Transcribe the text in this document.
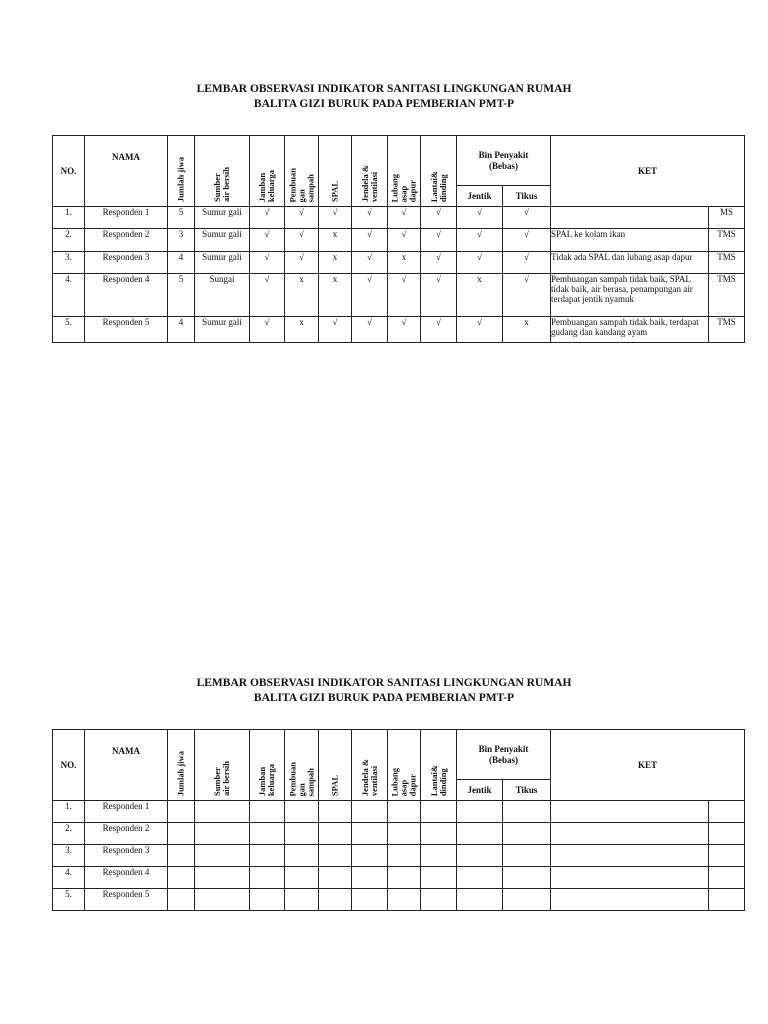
LEMBAR OBSERVASI INDIKATOR SANITASI LINGKUNGAN RUMAH
BALITA GIZI BURUK PADA PEMBERIAN PMT-P
NO.	NAMA	Jumlah jiwa	Sumber
air bersih	Jamban
keluarga	Pembuan
gan
sampah	SPAL	Jendela &
ventilasi	Lubang
asap
dapur	Lantai&
dinding	Bin Penyakit
(Bebas)		KET	
										Jentik	Tikus		
1.	Responden 1	5	Sumur gali	√	√	√	√	√	√	√	√		MS
2.	Responden 2	3	Sumur gali	√	√	x	√	√	√	√	√	SPAL ke kolam ikan	TMS
3.	Responden 3	4	Sumur gali	√	√	x	√	x	√	√	√	Tidak ada SPAL dan lubang asap dapur	TMS
4.	Responden 4	5	Sungai	√	x	x	√	√	√	x	√	Pembuangan sampah tidak baik, SPAL tidak baik, air berasa, penampungan air terdapat jentik nyamuk	TMS
5.	Responden 5	4	Sumur gali	√	x	√	√	√	√	√	x	Pembuangan sampah tidak baik, terdapat gudang dan kandang ayam	TMS
LEMBAR OBSERVASI INDIKATOR SANITASI LINGKUNGAN RUMAH
BALITA GIZI BURUK PADA PEMBERIAN PMT-P
NO.	NAMA	Jumlah jiwa	Sumber
air bersih	Jamban
keluarga	Pembuan
gan
sampah	SPAL	Jendela &
ventilasi	Lubang
asap
dapur	Lantai&
dinding	Bin Penyakit
(Bebas)		KET	
										Jentik	Tikus		
1.	Responden 1												
2.	Responden 2												
3.	Responden 3												
4.	Responden 4												
5.	Responden 5												
